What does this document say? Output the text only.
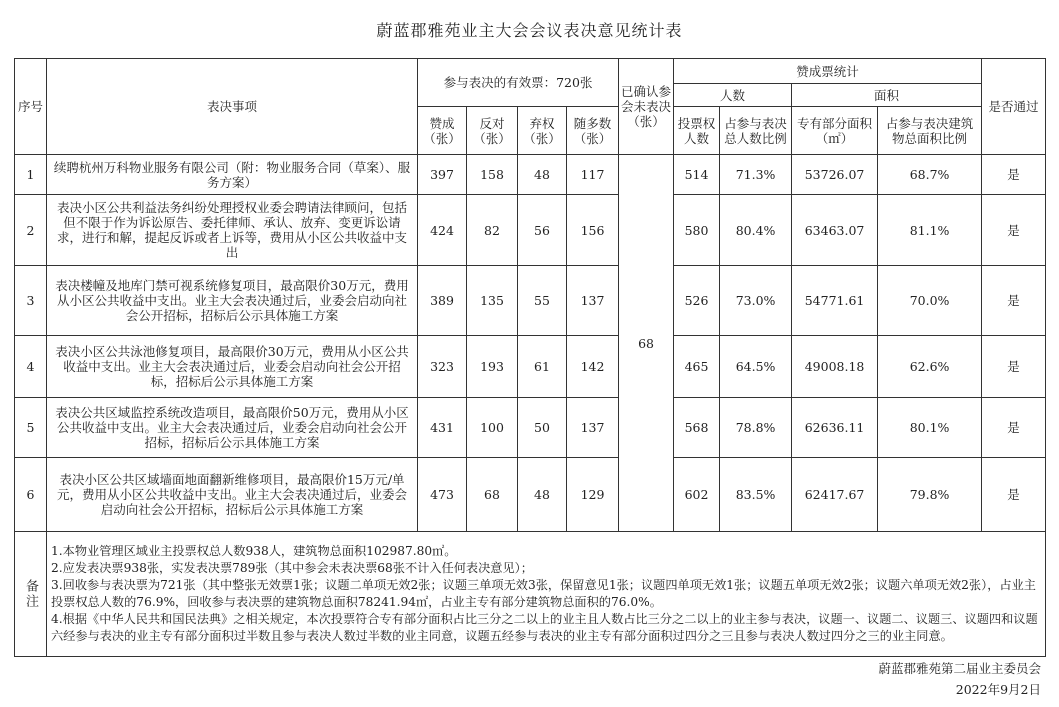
蔚蓝郡雅苑业主大会会议表决意见统计表
序号	表决事项	参与表决的有效票：720张				已确认参会未表决（张）	赞成票统计				是否通过
							人数		面积		
		赞成（张）	反对（张）	弃权（张）	随多数（张）		投票权人数	占参与表决总人数比例	专有部分面积（㎡）	占参与表决建筑物总面积比例	
1	续聘杭州万科物业服务有限公司（附：物业服务合同（草案）、服务方案）	397	158	48	117	68	514	71.3%	53726.07	68.7%	是
2	表决小区公共利益法务纠纷处理授权业委会聘请法律顾问，包括但不限于作为诉讼原告、委托律师、承认、放弃、变更诉讼请求，进行和解，提起反诉或者上诉等，费用从小区公共收益中支出	424	82	56	156		580	80.4%	63463.07	81.1%	是
3	表决楼幢及地库门禁可视系统修复项目，最高限价30万元，费用从小区公共收益中支出。业主大会表决通过后，业委会启动向社会公开招标，招标后公示具体施工方案	389	135	55	137		526	73.0%	54771.61	70.0%	是
4	表决小区公共泳池修复项目，最高限价30万元，费用从小区公共收益中支出。业主大会表决通过后，业委会启动向社会公开招标，招标后公示具体施工方案	323	193	61	142		465	64.5%	49008.18	62.6%	是
5	表决公共区域监控系统改造项目，最高限价50万元，费用从小区公共收益中支出。业主大会表决通过后，业委会启动向社会公开招标，招标后公示具体施工方案	431	100	50	137		568	78.8%	62636.11	80.1%	是
6	表决小区公共区域墙面地面翻新维修项目，最高限价15万元/单元，费用从小区公共收益中支出。业主大会表决通过后，业委会启动向社会公开招标，招标后公示具体施工方案	473	68	48	129		602	83.5%	62417.67	79.8%	是

备注	1.本物业管理区域业主投票权总人数938人，建筑物总面积102987.80㎡。
2.应发表决票938张，实发表决票789张（其中参会未表决票68张不计入任何表决意见）；
3.回收参与表决票为721张（其中整张无效票1张；议题二单项无效2张；议题三单项无效3张，保留意见1张；议题四单项无效1张；议题五单项无效2张；议题六单项无效2张），占业主投票权总人数的76.9%，回收参与表决票的建筑物总面积78241.94㎡，占业主专有部分建筑物总面积的76.0%。
4.根据《中华人民共和国民法典》之相关规定，本次投票符合专有部分面积占比三分之二以上的业主且人数占比三分之二以上的业主参与表决，议题一、议题二、议题三、议题四和议题六经参与表决的业主专有部分面积过半数且参与表决人数过半数的业主同意，议题五经参与表决的业主专有部分面积过四分之三且参与表决人数过四分之三的业主同意。										
蔚蓝郡雅苑第二届业主委员会
2022年9月2日
